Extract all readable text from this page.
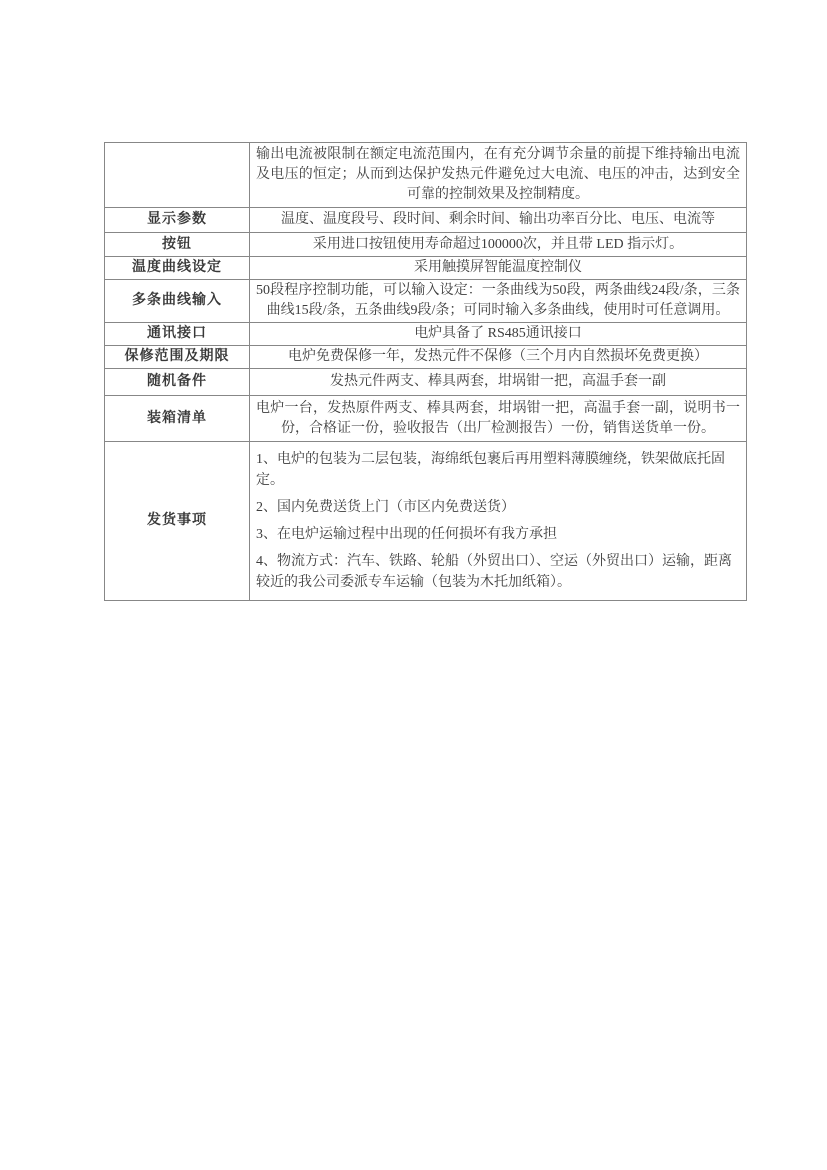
	输出电流被限制在额定电流范围内，在有充分调节余量的前提下维持输出电流及电压的恒定；从而到达保护发热元件避免过大电流、电压的冲击，达到安全可靠的控制效果及控制精度。
显示参数	温度、温度段号、段时间、剩余时间、输出功率百分比、电压、电流等
按钮	采用进口按钮使用寿命超过100000次，并且带 LED 指示灯。
温度曲线设定	采用触摸屏智能温度控制仪
多条曲线输入	50段程序控制功能，可以输入设定：一条曲线为50段，两条曲线24段/条，三条曲线15段/条，五条曲线9段/条；可同时输入多条曲线，使用时可任意调用。
通讯接口	电炉具备了 RS485通讯接口
保修范围及期限	电炉免费保修一年，发热元件不保修（三个月内自然损坏免费更换）
随机备件	发热元件两支、棒具两套，坩埚钳一把，高温手套一副
装箱清单	电炉一台，发热原件两支、棒具两套，坩埚钳一把，高温手套一副，说明书一份，合格证一份，验收报告（出厂检测报告）一份，销售送货单一份。
发货事项	1、电炉的包装为二层包装，海绵纸包裹后再用塑料薄膜缠绕，铁架做底托固定。

2、国内免费送货上门（市区内免费送货）

3、在电炉运输过程中出现的任何损坏有我方承担

4、物流方式：汽车、铁路、轮船（外贸出口）、空运（外贸出口）运输，距离较近的我公司委派专车运输（包装为木托加纸箱）。
